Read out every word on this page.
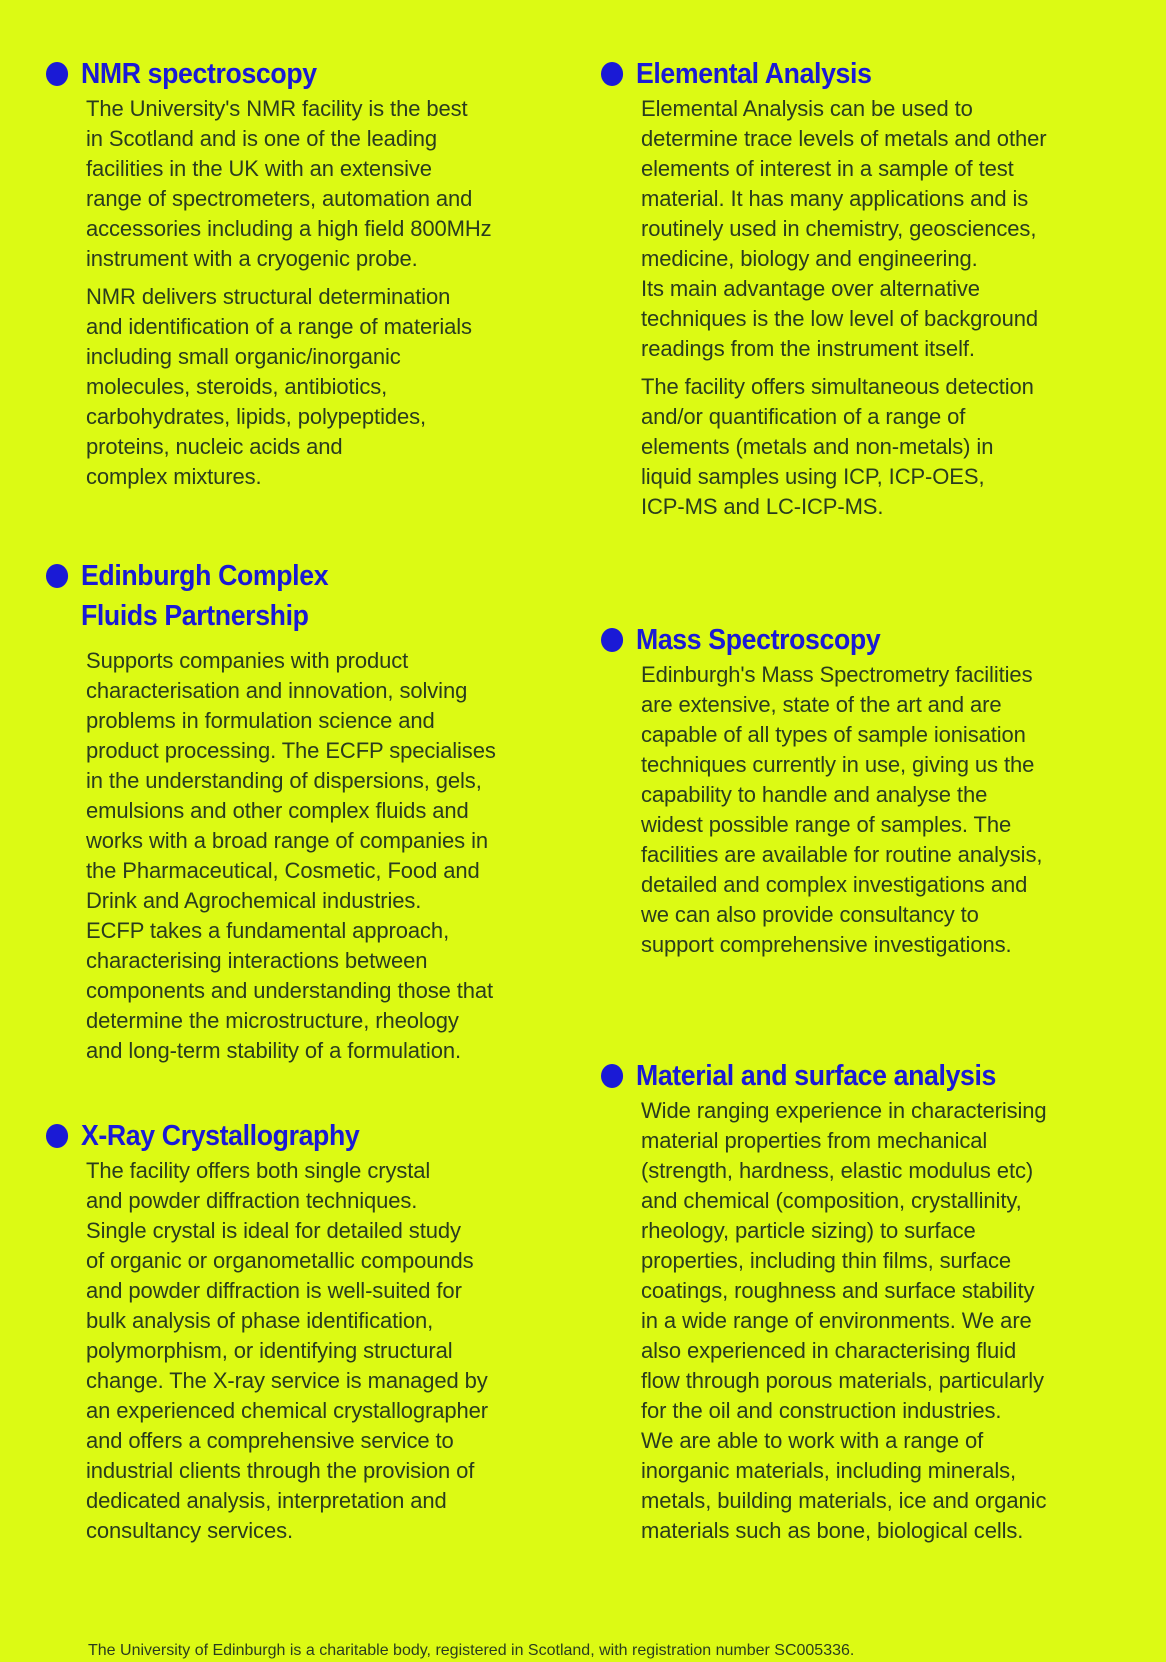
NMR spectroscopy

The University's NMR facility is the best
in Scotland and is one of the leading
facilities in the UK with an extensive
range of spectrometers, automation and
accessories including a high field 800MHz
instrument with a cryogenic probe.

NMR delivers structural determination
and identification of a range of materials
including small organic/inorganic
molecules, steroids, antibiotics,
carbohydrates, lipids, polypeptides,
proteins, nucleic acids and
complex mixtures.

Edinburgh Complex
Fluids Partnership

Supports companies with product
characterisation and innovation, solving
problems in formulation science and
product processing. The ECFP specialises
in the understanding of dispersions, gels,
emulsions and other complex fluids and
works with a broad range of companies in
the Pharmaceutical, Cosmetic, Food and
Drink and Agrochemical industries.
ECFP takes a fundamental approach,
characterising interactions between
components and understanding those that
determine the microstructure, rheology
and long-term stability of a formulation.

X-Ray Crystallography

The facility offers both single crystal
and powder diffraction techniques.
Single crystal is ideal for detailed study
of organic or organometallic compounds
and powder diffraction is well-suited for
bulk analysis of phase identification,
polymorphism, or identifying structural
change. The X-ray service is managed by
an experienced chemical crystallographer
and offers a comprehensive service to
industrial clients through the provision of
dedicated analysis, interpretation and
consultancy services.

Elemental Analysis

Elemental Analysis can be used to
determine trace levels of metals and other
elements of interest in a sample of test
material. It has many applications and is
routinely used in chemistry, geosciences,
medicine, biology and engineering.
Its main advantage over alternative
techniques is the low level of background
readings from the instrument itself.

The facility offers simultaneous detection
and/or quantification of a range of
elements (metals and non-metals) in
liquid samples using ICP, ICP-OES,
ICP-MS and LC-ICP-MS.

Mass Spectroscopy

Edinburgh's Mass Spectrometry facilities
are extensive, state of the art and are
capable of all types of sample ionisation
techniques currently in use, giving us the
capability to handle and analyse the
widest possible range of samples. The
facilities are available for routine analysis,
detailed and complex investigations and
we can also provide consultancy to
support comprehensive investigations.

Material and surface analysis

Wide ranging experience in characterising
material properties from mechanical
(strength, hardness, elastic modulus etc)
and chemical (composition, crystallinity,
rheology, particle sizing) to surface
properties, including thin films, surface
coatings, roughness and surface stability
in a wide range of environments. We are
also experienced in characterising fluid
flow through porous materials, particularly
for the oil and construction industries.
We are able to work with a range of
inorganic materials, including minerals,
metals, building materials, ice and organic
materials such as bone, biological cells.

The University of Edinburgh is a charitable body, registered in Scotland, with registration number SC005336.
